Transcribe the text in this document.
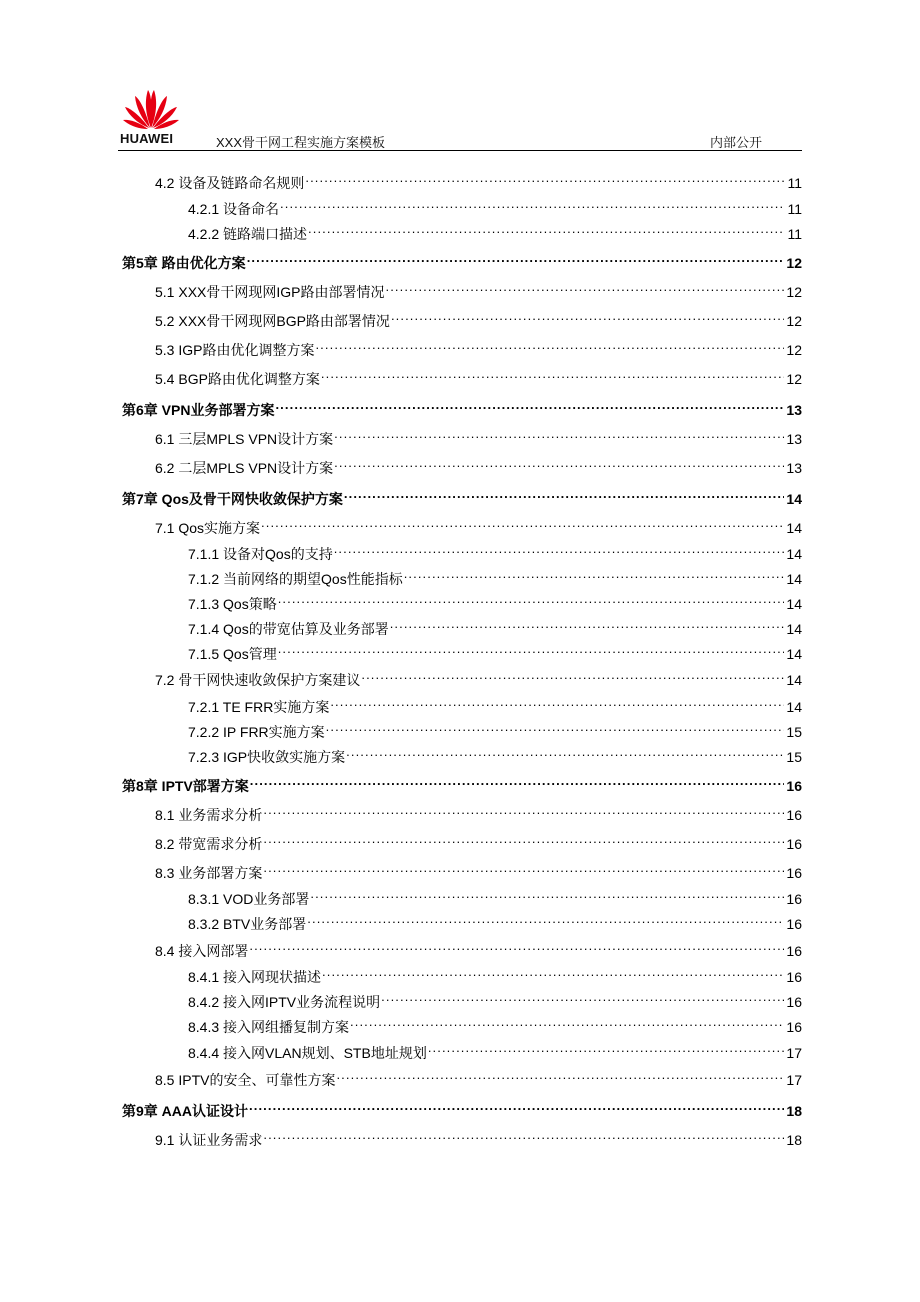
HUAWEI	XXX骨干网工程实施方案模板	内部公开
4.2 设备及链路命名规则 .....	11
4.2.1 设备命名 .....	11
4.2.2 链路端口描述 .....	11
第5章 路由优化方案 .....	12
5.1 XXX骨干网现网IGP路由部署情况 .....	12
5.2 XXX骨干网现网BGP路由部署情况 .....	12
5.3 IGP路由优化调整方案 .....	12
5.4 BGP路由优化调整方案 .....	12
第6章 VPN业务部署方案 .....	13
6.1 三层MPLS VPN设计方案 .....	13
6.2 二层MPLS VPN设计方案 .....	13
第7章 Qos及骨干网快收敛保护方案 .....	14
7.1 Qos实施方案 .....	14
7.1.1 设备对Qos的支持 .....	14
7.1.2 当前网络的期望Qos性能指标 .....	14
7.1.3 Qos策略 .....	14
7.1.4 Qos的带宽估算及业务部署 .....	14
7.1.5 Qos管理 .....	14
7.2 骨干网快速收敛保护方案建议 .....	14
7.2.1 TE FRR实施方案 .....	14
7.2.2 IP FRR实施方案 .....	15
7.2.3 IGP快收敛实施方案 .....	15
第8章 IPTV部署方案 .....	16
8.1 业务需求分析 .....	16
8.2 带宽需求分析 .....	16
8.3 业务部署方案 .....	16
8.3.1 VOD业务部署 .....	16
8.3.2 BTV业务部署 .....	16
8.4 接入网部署 .....	16
8.4.1 接入网现状描述 .....	16
8.4.2 接入网IPTV业务流程说明 .....	16
8.4.3 接入网组播复制方案 .....	16
8.4.4 接入网VLAN规划、STB地址规划 .....	17
8.5 IPTV的安全、可靠性方案 .....	17
第9章 AAA认证设计 .....	18
9.1 认证业务需求 .....	18
